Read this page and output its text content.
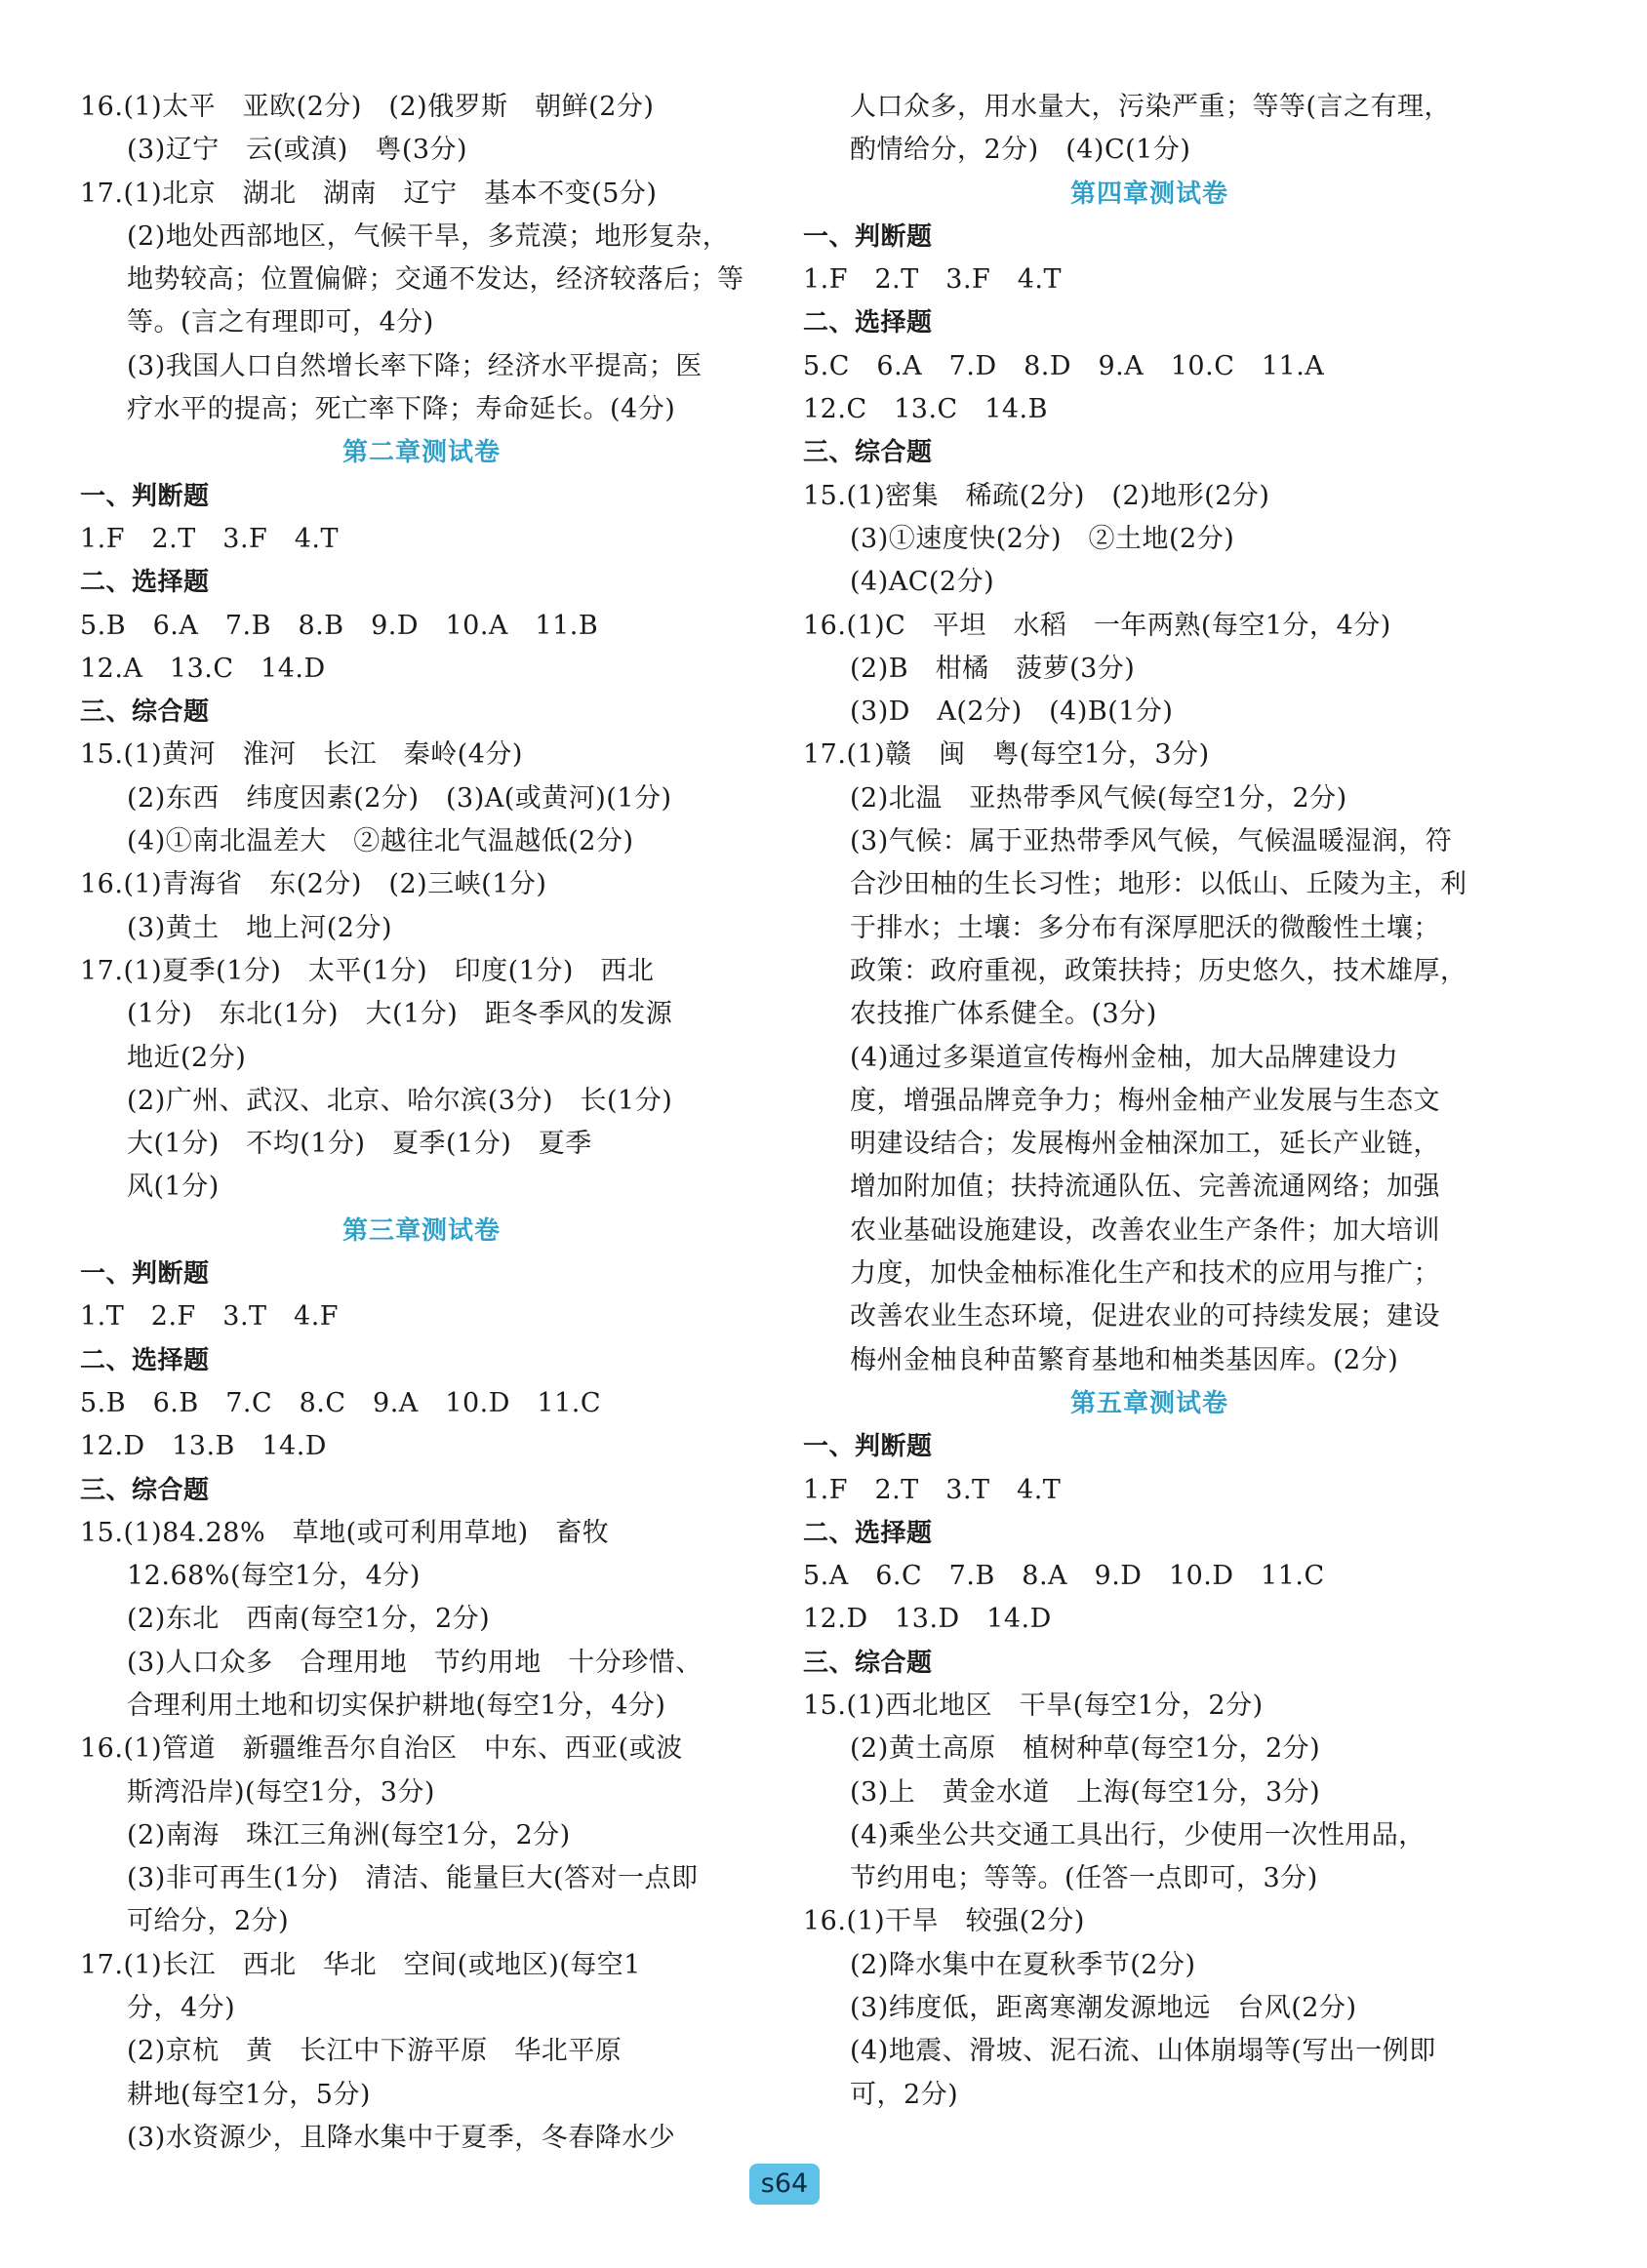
16.(1)太平　亚欧(2分)　(2)俄罗斯　朝鲜(2分)
(3)辽宁　云(或滇)　粤(3分)
17.(1)北京　湖北　湖南　辽宁　基本不变(5分)
(2)地处西部地区，气候干旱，多荒漠；地形复杂，
地势较高；位置偏僻；交通不发达，经济较落后；等
等。(言之有理即可，4分)
(3)我国人口自然增长率下降；经济水平提高；医
疗水平的提高；死亡率下降；寿命延长。(4分)
第二章测试卷
一、判断题
1.F　2.T　3.F　4.T
二、选择题
5.B　6.A　7.B　8.B　9.D　10.A　11.B
12.A　13.C　14.D
三、综合题
15.(1)黄河　淮河　长江　秦岭(4分)
(2)东西　纬度因素(2分)　(3)A(或黄河)(1分)
(4)①南北温差大　②越往北气温越低(2分)
16.(1)青海省　东(2分)　(2)三峡(1分)
(3)黄土　地上河(2分)
17.(1)夏季(1分)　太平(1分)　印度(1分)　西北
(1分)　东北(1分)　大(1分)　距冬季风的发源
地近(2分)
(2)广州、武汉、北京、哈尔滨(3分)　长(1分)
大(1分)　不均(1分)　夏季(1分)　夏季
风(1分)
第三章测试卷
一、判断题
1.T　2.F　3.T　4.F
二、选择题
5.B　6.B　7.C　8.C　9.A　10.D　11.C
12.D　13.B　14.D
三、综合题
15.(1)84.28%　草地(或可利用草地)　畜牧
12.68%(每空1分，4分)
(2)东北　西南(每空1分，2分)
(3)人口众多　合理用地　节约用地　十分珍惜、
合理利用土地和切实保护耕地(每空1分，4分)
16.(1)管道　新疆维吾尔自治区　中东、西亚(或波
斯湾沿岸)(每空1分，3分)
(2)南海　珠江三角洲(每空1分，2分)
(3)非可再生(1分)　清洁、能量巨大(答对一点即
可给分，2分)
17.(1)长江　西北　华北　空间(或地区)(每空1
分，4分)
(2)京杭　黄　长江中下游平原　华北平原
耕地(每空1分，5分)
(3)水资源少，且降水集中于夏季，冬春降水少
人口众多，用水量大，污染严重；等等(言之有理，
酌情给分，2分)　(4)C(1分)
第四章测试卷
一、判断题
1.F　2.T　3.F　4.T
二、选择题
5.C　6.A　7.D　8.D　9.A　10.C　11.A
12.C　13.C　14.B
三、综合题
15.(1)密集　稀疏(2分)　(2)地形(2分)
(3)①速度快(2分)　②土地(2分)
(4)AC(2分)
16.(1)C　平坦　水稻　一年两熟(每空1分，4分)
(2)B　柑橘　菠萝(3分)
(3)D　A(2分)　(4)B(1分)
17.(1)赣　闽　粤(每空1分，3分)
(2)北温　亚热带季风气候(每空1分，2分)
(3)气候：属于亚热带季风气候，气候温暖湿润，符
合沙田柚的生长习性；地形：以低山、丘陵为主，利
于排水；土壤：多分布有深厚肥沃的微酸性土壤；
政策：政府重视，政策扶持；历史悠久，技术雄厚，
农技推广体系健全。(3分)
(4)通过多渠道宣传梅州金柚，加大品牌建设力
度，增强品牌竞争力；梅州金柚产业发展与生态文
明建设结合；发展梅州金柚深加工，延长产业链，
增加附加值；扶持流通队伍、完善流通网络；加强
农业基础设施建设，改善农业生产条件；加大培训
力度，加快金柚标准化生产和技术的应用与推广；
改善农业生态环境，促进农业的可持续发展；建设
梅州金柚良种苗繁育基地和柚类基因库。(2分)
第五章测试卷
一、判断题
1.F　2.T　3.T　4.T
二、选择题
5.A　6.C　7.B　8.A　9.D　10.D　11.C
12.D　13.D　14.D
三、综合题
15.(1)西北地区　干旱(每空1分，2分)
(2)黄土高原　植树种草(每空1分，2分)
(3)上　黄金水道　上海(每空1分，3分)
(4)乘坐公共交通工具出行，少使用一次性用品，
节约用电；等等。(任答一点即可，3分)
16.(1)干旱　较强(2分)
(2)降水集中在夏秋季节(2分)
(3)纬度低，距离寒潮发源地远　台风(2分)
(4)地震、滑坡、泥石流、山体崩塌等(写出一例即
可，2分)
s64
